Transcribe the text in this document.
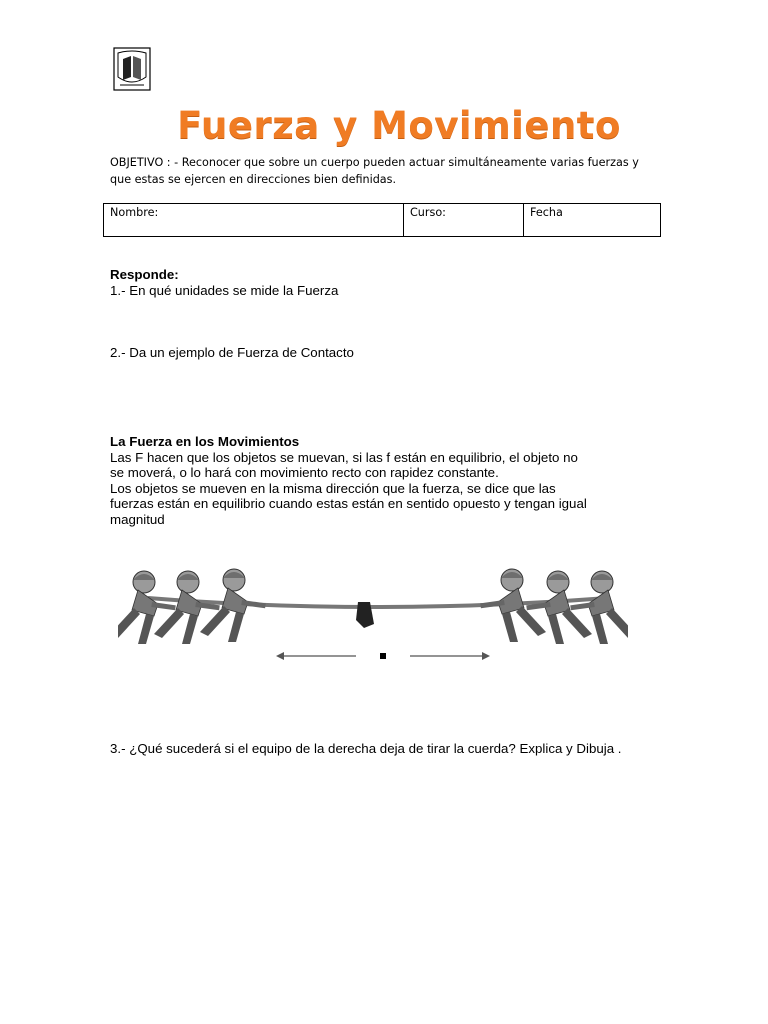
Fuerza y Movimiento
OBJETIVO : - Reconocer que sobre un cuerpo pueden actuar simultáneamente varias fuerzas y
que estas se ejercen en direcciones bien definidas.
Nombre:	Curso:	Fecha
Responde:
1.- En qué unidades se mide la Fuerza
2.- Da un ejemplo de Fuerza de Contacto
La Fuerza en los Movimientos
Las F hacen que los objetos se muevan, si las f están en equilibrio, el objeto no
se moverá, o lo hará con movimiento recto con rapidez constante.
Los objetos se mueven en la misma dirección que la fuerza, se dice que las
fuerzas están en equilibrio cuando estas están en sentido opuesto y tengan igual
magnitud
3.- ¿Qué sucederá si el equipo de la derecha deja de tirar la cuerda? Explica y Dibuja .
